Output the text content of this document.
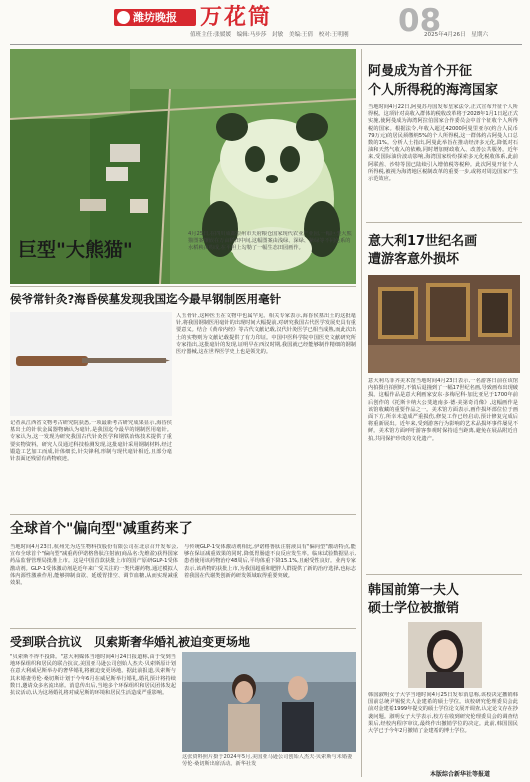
潍坊晚报 万花筒	08
值班主任:张媛媛　编辑:马步莎　封敏　美编:王倩　校对:王明刚	2025年4月26日　星期六
巨型"大熊猫"
4月25日,在四川成都崇州市天府粮仓国家现代农业产业园,一幅巨型大熊猫图案镶嵌在万亩稻田中间,这幅图案由浅绿、深绿、紫绿等不同色系的水稻秧苗构成,在平坦上勾勒了一幅生态田园画作。
阿曼成为首个开征
个人所得税的海湾国家
当地时间4月22日,阿曼苏丹国发布皇家法令,正式宣布开征个人所得税。这项针对高收入群体的税收改革将于2028年1月1日起正式实施,使阿曼成为海湾阿拉伯国家合作委员会中首个征收个人所得税的国家。根据法令,年收入超过42000阿曼里亚尔(约合人民币79万元)的居民须缴纳5%的个人所得税,这一群体约占阿曼人口总数的1%。分析人士指出,阿曼此举旨在推动经济多元化,降低对石油和天然气收入的依赖,同时增加财政收入、改善公共服务。近年来,受国际油价波动影响,海湾国家纷纷探索多元化税收体系,此前阿联酋、沙特等国已陆续引入增值税等税种。此次阿曼开征个人所得税,被视为海湾地区税制改革的重要一步,或将对周边国家产生示范效应。
意大利17世纪名画
遭游客意外损坏
意大利乌菲齐美术馆当地时间4月23日表示,一名游客日前在该馆内拍摄自拍照时,不慎后退撞到了一幅17世纪名画,导致画布出现破损。这幅作品是意大利画家安东·多梅尼科·加比亚尼于1700年前后创作的《托斯卡纳大公斐迪南多·德·美第奇肖像》,这幅画作是该馆收藏的重要作品之一。美术馆方面表示,画作损坏部位位于画面下方,所幸未造成严重损伤,修复工作已经启动,预计修复完成后将重新展出。近年来,受到游客行为影响的艺术品损坏事件屡见不鲜。美术馆方面呼吁游客参观时保持适当距离,避免在展品附近自拍,共同保护珍贵的文化遗产。
韩国前第一夫人
硕士学位被撤销
韩国淑明女子大学当地时间4月25日发布消息称,该校决定撤销韩国前总统尹锡悦夫人金建希的硕士学位。该校研究伦理委员会此前对金建希1999年提交的硕士学位论文展开调查,认定论文存在抄袭问题。淑明女子大学表示,校方在收到研究伦理委员会的调查结果后,经校内程序审议,最终作出撤销学位的决定。此前,韩国国民大学已于今年2月撤销了金建希的博士学位。
本版综合新华社等报道
侯爷常针灸?海昏侯墓发现我国迄今最早钢制医用毫针
记者从江西省文物考古研究院获悉,一项最新考古研究成果显示,海昏侯墓出土的针状金属器物确认为毫针,是我国迄今最早的钢制医用毫针。专家认为,这一发现为研究我国古代针灸医学和钢铁冶炼技术提供了重要实物资料。研究人员通过科技检测发现,这批毫针采用钢制材料,经过锻造工艺加工而成,针体细长,针尖锋利,形制与现代毫针相近,且部分毫针表面还残留有药物痕迹。
人玉骨针,这种医玉在文物中也属罕见。相关专家表示,海昏侯墓出土的这批毫针,将我国钢制医用毫针的出现时间大幅提前,对研究我国古代医学发展史具有重要意义。结合《黄帝内经》等古代文献记载,汉代针灸医学已相当成熟,而此次出土的实物则为文献记载提供了有力印证。中国中医科学院中国医史文献研究所专家指出,这批毫针的发现,证明早在西汉时期,我国就已经能够制作精细的钢制医疗器械,这在世界医学史上也是领先的。
全球首个"偏向型"减重药来了
当地时间4月23日,杭州先为达生物科技股份有限公司在北京召开发布会,宣布全球首个"偏向型"减重药伊诺格鲁肽注射液(商品名:先维盈)获得国家药品监督管理局批准上市。这是中国首款获批上市的国产原研GLP-1受体激动剂。GLP-1受体激动剂是近年来广受关注的一类代谢药物,通过模拟人体内源性激素作用,能够抑制食欲、延缓胃排空、调节血糖,从而实现减重效果。
与传统GLP-1受体激动剂相比,伊诺格鲁肽注射液具有"偏向型"激动特点,能够在保证减重效果的同时,降低胃肠道不良反应发生率。临床试验数据显示,患者使用该药物治疗48周后,平均体重下降15.1%,且耐受性良好。业内专家表示,该药物的获批上市,为我国超重和肥胖人群提供了新的治疗选择,也标志着我国在代谢类创新药研发领域取得重要突破。
受到联合抗议　贝索斯奢华婚礼被迫变更场地
"贝索斯不得不投降。"意大利媒体当地时间4月24日报道称,由于受到当地环保组织和居民的联合抗议,美国亚马逊公司创始人杰夫·贝索斯原计划在意大利威尼斯举办的奢华婚礼将被迫变更场地。据此前报道,贝索斯与其未婚妻劳伦·桑切斯计划于今年6月在威尼斯举行婚礼,婚礼预计将持续数日,邀请众多名流出席。消息传出后,当地多个环保组织和居民团体发起抗议活动,认为这场婚礼将对威尼斯的环境和居民生活造成严重影响。
这张资料照片摄于2024年5月,美国亚马逊公司创始人杰夫·贝索斯与未婚妻劳伦·桑切斯出席活动。新华社发
